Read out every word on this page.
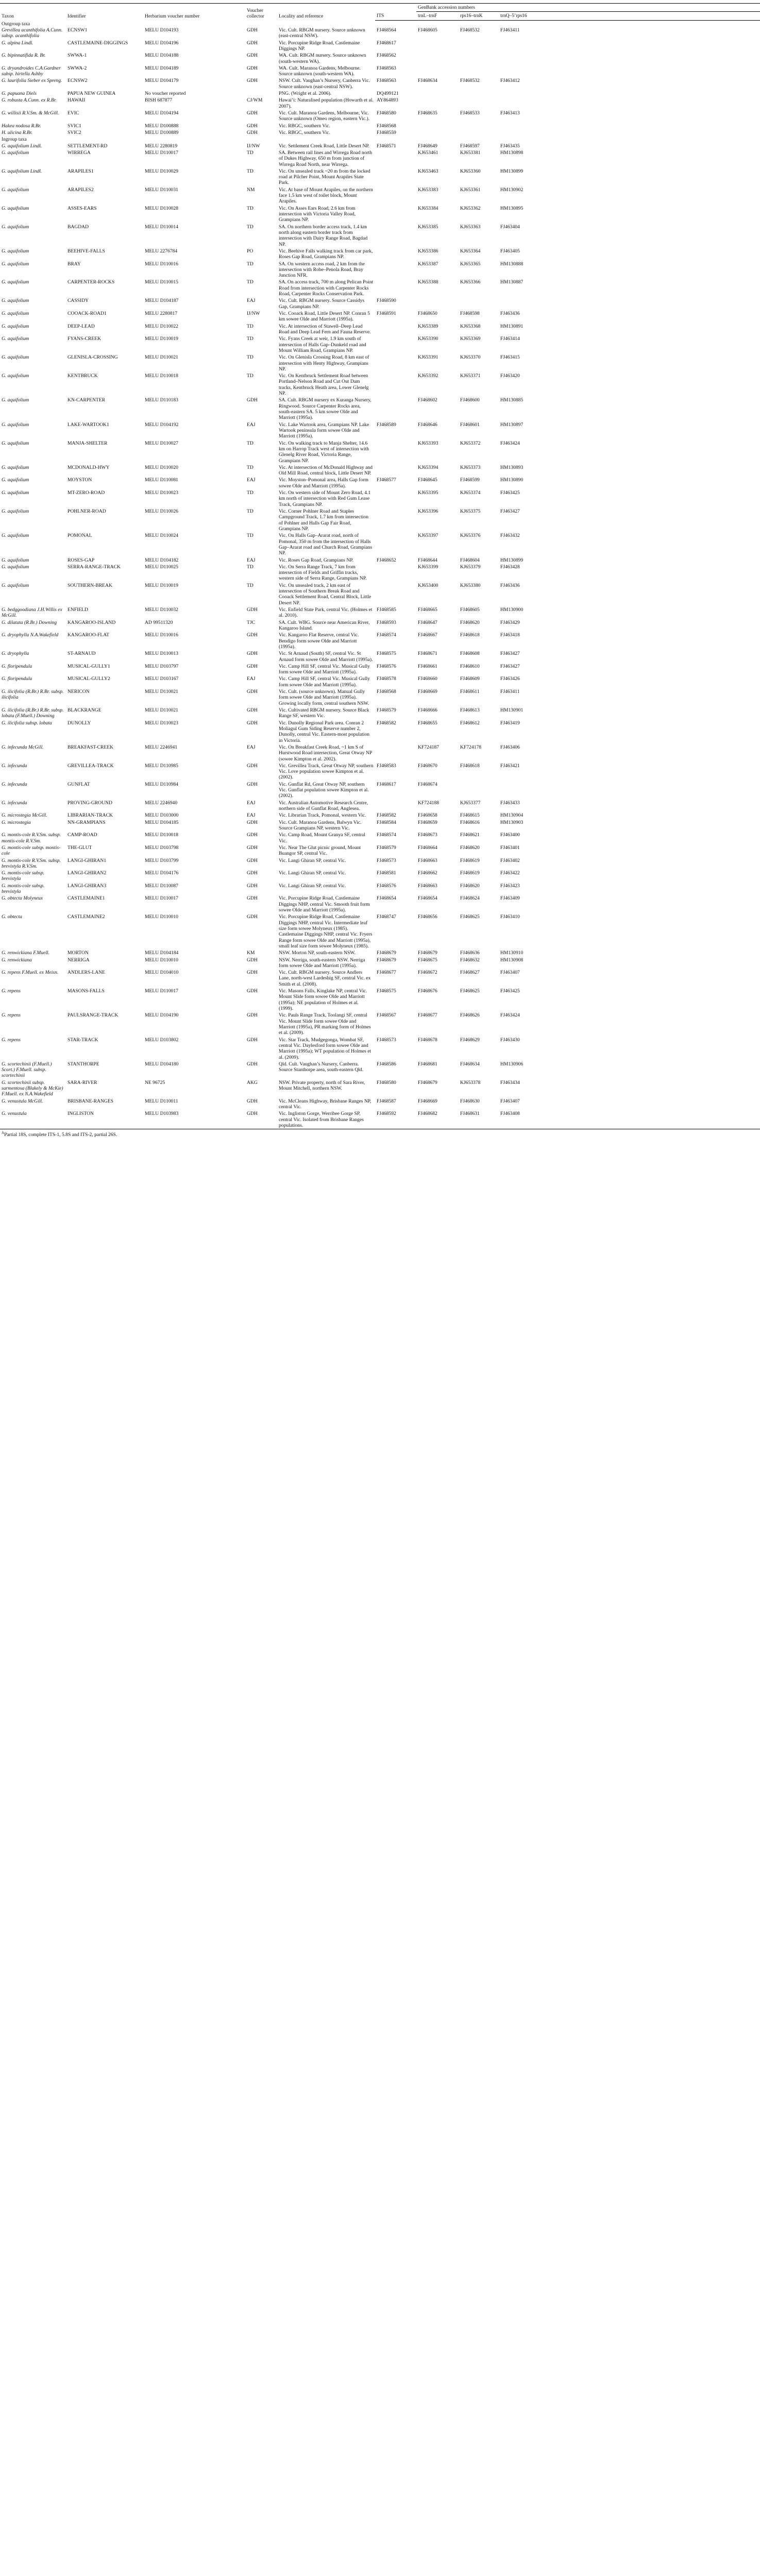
Taxon	Identifier	Herbarium voucher number	Voucher collector	Locality and reference		GenBank accession numbers		
					ITS	trnL–trnF	rps16–trnK	trnQ–5’rps16
Outgroup taxa								
Grevillea acanthifolia A.Cunn. subsp. acanthifolia	ECNSW1	MELU D104193	GDH	Vic. Cult. RBGM nursery. Source unknown (east-central NSW).	FJ468564	FJ468605	FJ468532	FJ463411
G. alpina Lindl.	CASTLEMAINE-DIGGINGS	MELU D104196	GDH	Vic. Porcupine Ridge Road, Castlemaine Diggings NP.	FJ468617			
G. bipinnatifida R. Br.	SWWA-1	MELU D104188	GDH	WA. Cult. RBGM nursery. Source unknown (south-western WA).	FJ468562			
G. dryandroides C.A.Gardner subsp. hirtella Ashby	SWWA-2	MELU D104189	GDH	WA. Cult. Maranoa Gardens, Melbourne. Source unknown (south-western WA).	FJ468563			
G. laurifolia Sieber ex Spreng.	ECNSW2	MELU D104179	GDH	NSW. Cult. Vaughan’s Nursery, Canberra Vic. Source unknown (east-central NSW).	FJ468563	FJ468634	FJ468532	FJ463412
G. papuana Diels	PAPUA NEW GUINEA	No voucher reported		PNG. (Wright et al. 2006).	DQ499121			
G. robusta A.Cunn. ex R.Br.	HAWAII	BISH 687877	CJ/WM	Hawai’i: Naturalised population (Howarth et al. 2007).	AY864893			
G. willisii R.V.Sm. & McGill.	EVIC	MELU D104194	GDH	Vic. Cult. Maranoa Gardens, Melbourne, Vic. Source unknown (Omeo region, eastern Vic.).	FJ468580	FJ468635	FJ468533	FJ463413
Hakea nodosa R.Br.	SVIC1	MELU D100888	GDH	Vic. RBGC, southern Vic.	FJ468568			
H. ulicina R.Br.	SVIC2	MELU D100889	GDH	Vic. RBGC, southern Vic.	FJ468559			
Ingroup taxa								
G. aquifolium Lindl.	SETTLEMENT-RD	MELU 2280819	IJ/NW	Vic. Settlement Creek Road, Little Desert NP.	FJ468571	FJ468649	FJ468597	FJ463435
G. aquifolium	WIRREGA	MELU D110017	TD	SA. Between rail lines and Wirrega Road north of Dukes Highway, 650 m from junction of Wirrega Road North, near Wirrega.		KJ653461	KJ653381	HM130898
G. aquifolium Lindl.	ARAPILES1	MELU D110029	TD	Vic. On unsealed track ~20 m from the locked road at Pilcher Point, Mount Arapiles State Park.		KJ653463	KJ653360	HM130899
G. aquifolium	ARAPILES2	MELU D110031	NM	Vic. At base of Mount Arapiles, on the northern face 1.5 km west of toilet block, Mount Arapiles.		KJ653383	KJ653361	HM130902
G. aquifolium	ASSES-EARS	MELU D110028	TD	Vic. On Asses Ears Road, 2.6 km from intersection with Victoria Valley Road, Grampians NP.		KJ653384	KJ653362	HM130895
G. aquifolium	BAGDAD	MELU D110014	TD	SA. On northern border access track, 1.4 km north along eastern border track from intersection with Dairy Range Road, Bagdad NP.		KJ653385	KJ653363	FJ463404
G. aquifolium	BEEHIVE-FALLS	MELU 2276784	PO	Vic. Beehive Falls walking track from car park, Roses Gap Road, Grampians NP.		KJ653386	KJ653364	FJ463405
G. aquifolium	BRAY	MELU D110016	TD	SA. On western access road, 2 km from the intersection with Robe–Penola Road, Bray Junction NFR.		KJ653387	KJ653365	HM130888
G. aquifolium	CARPENTER-ROCKS	MELU D110015	TD	SA. On access track, 700 m along Pelican Point Road from intersection with Carpenter Rocks Road, Carpenter Rocks Conservation Park.		KJ653388	KJ653366	HM130887
G. aquifolium	CASSIDY	MELU D104187	EAJ	Vic. Cult. RBGM nursery. Source Cassidys Gap, Grampians NP.	FJ468590			
G. aquifolium	COOACK-ROAD1	MELU 2280817	IJ/NW	Vic. Cooack Road, Little Desert NP. Conran 5 km sowee Olde and Marriott (1995a).	FJ468591	FJ468650	FJ468598	FJ463436
G. aquifolium	DEEP-LEAD	MELU D110022	TD	Vic. At intersection of Stawell–Deep Lead Road and Deep Lead Fern and Fauna Reserve.		KJ653389	KJ653368	HM130891
G. aquifolium	FYANS-CREEK	MELU D110019	TD	Vic. Fyans Creek at weir, 1.9 km south of intersection of Halls Gap–Dunkeld road and Mount William Road, Grampians NP.		KJ653390	KJ653369	FJ463414
G. aquifolium	GLENISLA-CROSSING	MELU D110021	TD	Vic. On Glenisla Crossing Road, 8 km east of intersection with Henty Highway, Grampians NP.		KJ653391	KJ653370	FJ463415
G. aquifolium	KENTBRUCK	MELU D110018	TD	Vic. On Kentbruck Settlement Road between Portland–Nelson Road and Cut Out Dam tracks, Kentbruck Heath area, Lower Glenelg NP.		KJ653392	KJ653371	FJ463420
G. aquifolium	KN-CARPENTER	MELU D110183	GDH	SA. Cult. RBGM nursery ex Kuranga Nursery, Ringwood. Source Carpenter Rocks area, south-eastern SA. 5 km sowee Olde and Marriott (1995a).		FJ468602	FJ468600	HM130885
G. aquifolium	LAKE-WARTOOK1	MELU D104192	EAJ	Vic. Lake Wartook area, Grampians NP. Lake Wartook peninsula form sowee Olde and Marriott (1995a).	FJ468589	FJ468646	FJ468601	HM130897
G. aquifolium	MANJA-SHELTER	MELU D110027	TD	Vic. On walking track to Manja Shelter, 14.6 km on Harrop Track west of intersection with Glenelg River Road, Victoria Range, Grampians NP.		KJ653393	KJ653372	FJ463424
G. aquifolium	MCDONALD-HWY	MELU D110020	TD	Vic. At intersection of McDonald Highway and Old Mill Road, central block, Little Desert NP.		KJ653394	KJ653373	HM130893
G. aquifolium	MOYSTON	MELU D110081	EAJ	Vic. Moyston–Pomonal area, Halls Gap form sowee Olde and Marriott (1995a).	FJ468577	FJ468645	FJ468599	HM130890
G. aquifolium	MT-ZERO-ROAD	MELU D110023	TD	Vic. On western side of Mount Zero Road, 4.1 km north of intersection with Red Gum Lease Track, Grampians NP.		KJ653395	KJ653374	FJ463425
G. aquifolium	POHLNER-ROAD	MELU D110026	TD	Vic. Corner Pohlner Road and Staples Campground Track, 1.7 km from intersection of Pohlner and Halls Gap Fair Road, Grampians NP.		KJ653396	KJ653375	FJ463427
G. aquifolium	POMONAL	MELU D110024	TD	Vic. On Halls Gap–Ararat road, north of Pomonal, 350 m from the intersection of Halls Gap–Ararat road and Church Road, Grampians NP.		KJ653397	KJ653376	FJ463432
G. aquifolium	ROSES-GAP	MELU D104182	EAJ	Vic. Roses Gap Road, Grampians NP.	FJ468652	FJ468644	FJ468604	HM130899
G. aquifolium	SERRA-RANGE-TRACK	MELU D110025	TD	Vic. On Serra Range Track, 7 km from intersection of Fields and Griffin tracks, western side of Serra Range, Grampians NP.		KJ653399	KJ653379	FJ463428
G. aquifolium	SOUTHERN-BREAK	MELU D110019	TD	Vic. On unsealed track, 2 km east of intersection of Southern Break Road and Cooack Settlement Road, Central Block, Little Desert NP.		KJ653400	KJ653380	FJ463436
G. bedggoodiana J.H.Willis ex McGill.	ENFIELD	MELU D110032	GDH	Vic. Enfield State Park, central Vic. (Holmes et al. 2010).	FJ468585	FJ468665	FJ468605	HM130900
G. dilatata (R.Br.) Downing	KANGAROO-ISLAND	AD 99511320	TJC	SA. Cult. WBG. Source near American River, Kangaroo Island.	FJ468593	FJ468647	FJ468620	FJ463429
G. dryophylla N.A.Wakefield	KANGAROO-FLAT	MELU D110016	GDH	Vic. Kangaroo Flat Reserve, central Vic. Bendigo form sowee Olde and Marriott (1995a).	FJ468574	FJ468667	FJ468618	FJ463418
G. dryophylla	ST-ARNAUD	MELU D110013	GDH	Vic. St Arnaud (South) SF, central Vic. St Arnaud form sowee Olde and Marriott (1995a).	FJ468575	FJ468671	FJ468608	FJ463427
G. floripendula	MUSICAL-GULLY1	MELU D103797	GDH	Vic. Camp Hill SF, central Vic. Musical Gully form sowee Olde and Marriott (1995a).	FJ468576	FJ468661	FJ468610	FJ463427
G. floripendula	MUSICAL-GULLY2	MELU D103167	EAJ	Vic. Camp Hill SF, central Vic. Musical Gully form sowee Olde and Marriott (1995a).	FJ468578	FJ468660	FJ468609	FJ463426
G. ilicifolia (R.Br.) R.Br. subsp. ilicifolia	NERICON	MELU D110021	GDH	Vic. Cult. (source unknown). Manual Gully form sowee Olde and Marriott (1995a). Growing locally form, central southern NSW.	FJ468568	FJ468669	FJ468611	FJ463411
G. ilicifolia (R.Br.) R.Br. subsp. lobata (F.Muell.) Downing	BLACKRANGE	MELU D110021	GDH	Vic. Cultivated RBGM nursery. Source Black Range SF, western Vic.	FJ468579	FJ468666	FJ468613	HM130901
G. ilicifolia subsp. lobata	DUNOLLY	MELU D110023	GDH	Vic. Dunolly Regional Park area. Conran 2 Moliagul Gum Siding Reserve number 2, Dunolly, central Vic. Eastern-most population in Victoria.	FJ468582	FJ468655	FJ468612	FJ463419
G. infecunda McGill.	BREAKFAST-CREEK	MELU 2246941	EAJ	Vic. On Breakfast Creek Road, ~1 km S of Hurstwood Road intersection, Great Otway NP (sowee Kimpton et al. 2002).		KF724187	KF724178	FJ463406
G. infecunda	GREVILLEA-TRACK	MELU D110985	GDH	Vic. Grevillea Track, Great Otway NP, southern Vic. Love population sowee Kimpton et al. (2002).	FJ468583	FJ468670	FJ468618	FJ463421
G. infecunda	GUNFLAT	MELU D110984	GDH	Vic. Gunflat Rd, Great Otway NP, southern Vic. Gunflat population sowee Kimpton et al. (2002).	FJ468617	FJ468674		
G. infecunda	PROVING-GROUND	MELU 2246940	EAJ	Vic. Australian Automotive Research Centre, northern side of Gunflat Road, Anglesea.		KF724188	KJ653377	FJ463433
G. microstegia McGill.	LIBRARIAN-TRACK	MELU D103000	EAJ	Vic. Librarian Track, Pomonal, western Vic.	FJ468582	FJ468658	FJ468615	HM130904
G. microstegia	NN-GRAMPIANS	MELU D104185	GDH	Vic. Cult. Maranoa Gardens, Balwyn Vic. Source Grampians NP, western Vic.	FJ468584	FJ468659	FJ468616	HM130903
G. montis-cole R.V.Sm. subsp. montis-cole R.V.Sm.	CAMP-ROAD	MELU D110018	GDH	Vic. Camp Road, Mount Granya SF, central Vic.	FJ468574	FJ468673	FJ468621	FJ463400
G. montis-cole subsp. montis-cole	THE-GLUT	MELU D103798	GDH	Vic. Near The Glut picnic ground, Mount Buangor SP, central Vic.	FJ468579	FJ468664	FJ468620	FJ463401
G. montis-cole R.V.Sm. subsp. brevistyla R.V.Sm.	LANGI-GHIRAN1	MELU D103799	GDH	Vic. Langi Ghiran SP, central Vic.	FJ468573	FJ468663	FJ468619	FJ463402
G. montis-cole subsp. brevistyla	LANGI-GHIRAN2	MELU D104176	GDH	Vic. Langi Ghiran SP, central Vic.	FJ468581	FJ468662	FJ468619	FJ463422
G. montis-cole subsp. brevistyla	LANGI-GHIRAN3	MELU D110087	GDH	Vic. Langi Ghiran SP, central Vic.	FJ468576	FJ468663	FJ468620	FJ463423
G. obtecta Molyneux	CASTLEMAINE1	MELU D110017	GDH	Vic. Porcupine Ridge Road, Castlemaine Diggings NHP, central Vic. Smooth fruit form sowee Olde and Marriott (1995a).	FJ468654	FJ468654	FJ468624	FJ463409
G. obtecta	CASTLEMAINE2	MELU D110010	GDH	Vic. Porcupine Ridge Road, Castlemaine Diggings NHP, central Vic. Intermediate leaf size form sowee Molyneux (1985). Castlemaine Diggings NHP, central Vic. Fryers Range form sowee Olde and Marriott (1995a), small leaf size form sowee Molyneux (1985).	FJ468747	FJ468656	FJ468625	FJ463410
G. renwickiana F.Muell.	MORTON	MELU D104184	KM	NSW. Morton NP, south-eastern NSW.	FJ468679	FJ468679	FJ468636	HM130910
G. renwickiana	NERRIGA	MELU D110010	GDH	NSW. Nerriga, south-eastern NSW. Nerriga form sowee Olde and Marriott (1995a).	FJ468679	FJ468675	FJ468632	HM130908
G. repens F.Muell. ex Meisn.	ANDLERS-LANE	MELU D104010	GDH	Vic. Cult. RBGM nursery. Source Andlers Lane, north-west Lardeshig SF, central Vic. ex Smith et al. (2008).	FJ468677	FJ468672	FJ468627	FJ463407
G. repens	MASONS-FALLS	MELU D110017	GDH	Vic. Masons Falls, Kinglake NP, central Vic. Mount Slide form sowee Olde and Marriott (1995a); NE population of Holmes et al. (1999).	FJ468575	FJ468676	FJ468625	FJ463425
G. repens	PAULSRANGE-TRACK	MELU D104190	GDH	Vic. Pauls Range Track, Toolangi SF, central Vic. Mount Slide form sowee Olde and Marriott (1995a), PR marking form of Holmes et al. (2009).	FJ468567	FJ468677	FJ468626	FJ463424
G. repens	STAR-TRACK	MELU D103802	GDH	Vic. Star Track, Mudgegonga, Wombat SF, central Vic. Daylesford form sowee Olde and Marriott (1995a); WT population of Holmes et al. (2009).	FJ468573	FJ468678	FJ468629	FJ463430
G. scortechinii (F.Muell.) Scort.) F.Muell. subsp. scortechinii	STANTHORPE	MELU D104180	GDH	Qld. Cult. Vaughan’s Nursery, Canberra. Source Stanthorpe area, south-eastern Qld.	FJ468586	FJ468681	FJ468634	HM130906
G. scortechinii subsp. sarmentosa (Blakely & McKie) F.Muell. ex N.A.Wakefield	SARA-RIVER	NE 96725	AKG	NSW. Private property, north of Sara River, Mount Mitchell, northern NSW.	FJ468580	FJ468679	KJ653378	FJ463434
G. venustula McGill.	BRISBANE-RANGES	MELU D110011	GDH	Vic. McCleans Highway, Brisbane Ranges NP, central Vic.	FJ468587	FJ468669	FJ468630	FJ463407
G. venustula	INGLISTON	MELU D103983	GDH	Vic. Ingliston Gorge, Werribee Gorge SP, central Vic. Isolated from Brisbane Ranges populations.	FJ468592	FJ468682	FJ468631	FJ463408
$^A$Partial 18S, complete ITS-1, 5.8S and ITS-2, partial 26S.
